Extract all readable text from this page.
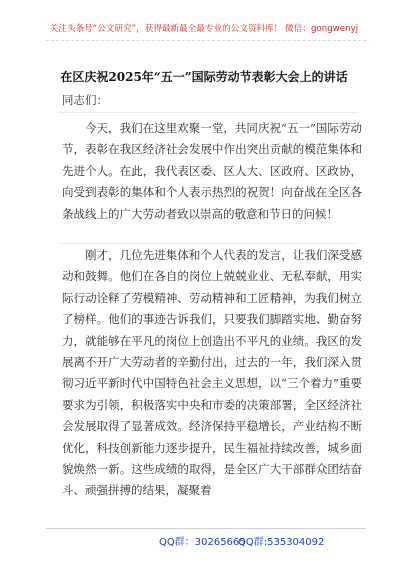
关注头条号“公文研究”，获得最新最全最专业的公文资料库！ 微信：gongwenyj
在区庆祝2025年“五一”国际劳动节表彰大会上的讲话
同志们：

今天，我们在这里欢聚一堂，共同庆祝“五一”国际劳动节，表彰在我区经济社会发展中作出突出贡献的模范集体和先进个人。在此，我代表区委、区人大、区政府、区政协，向受到表彰的集体和个人表示热烈的祝贺！向奋战在全区各条战线上的广大劳动者致以崇高的敬意和节日的问候！

刚才，几位先进集体和个人代表的发言，让我们深受感动和鼓舞。他们在各自的岗位上兢兢业业、无私奉献，用实际行动诠释了劳模精神、劳动精神和工匠精神，为我们树立了榜样。他们的事迹告诉我们，只要我们脚踏实地、勤奋努力，就能够在平凡的岗位上创造出不平凡的业绩。我区的发展离不开广大劳动者的辛勤付出，过去的一年，我们深入贯彻习近平新时代中国特色社会主义思想，以“三个着力”重要要求为引领，积极落实中央和市委的决策部署，全区经济社会发展取得了显著成效。经济保持平稳增长，产业结构不断优化，科技创新能力逐步提升，民生福祉持续改善，城乡面貌焕然一新。这些成绩的取得，是全区广大干部群众团结奋斗、顽强拼搏的结果，凝聚着

QQ群：30265665
QQ群:535304092
